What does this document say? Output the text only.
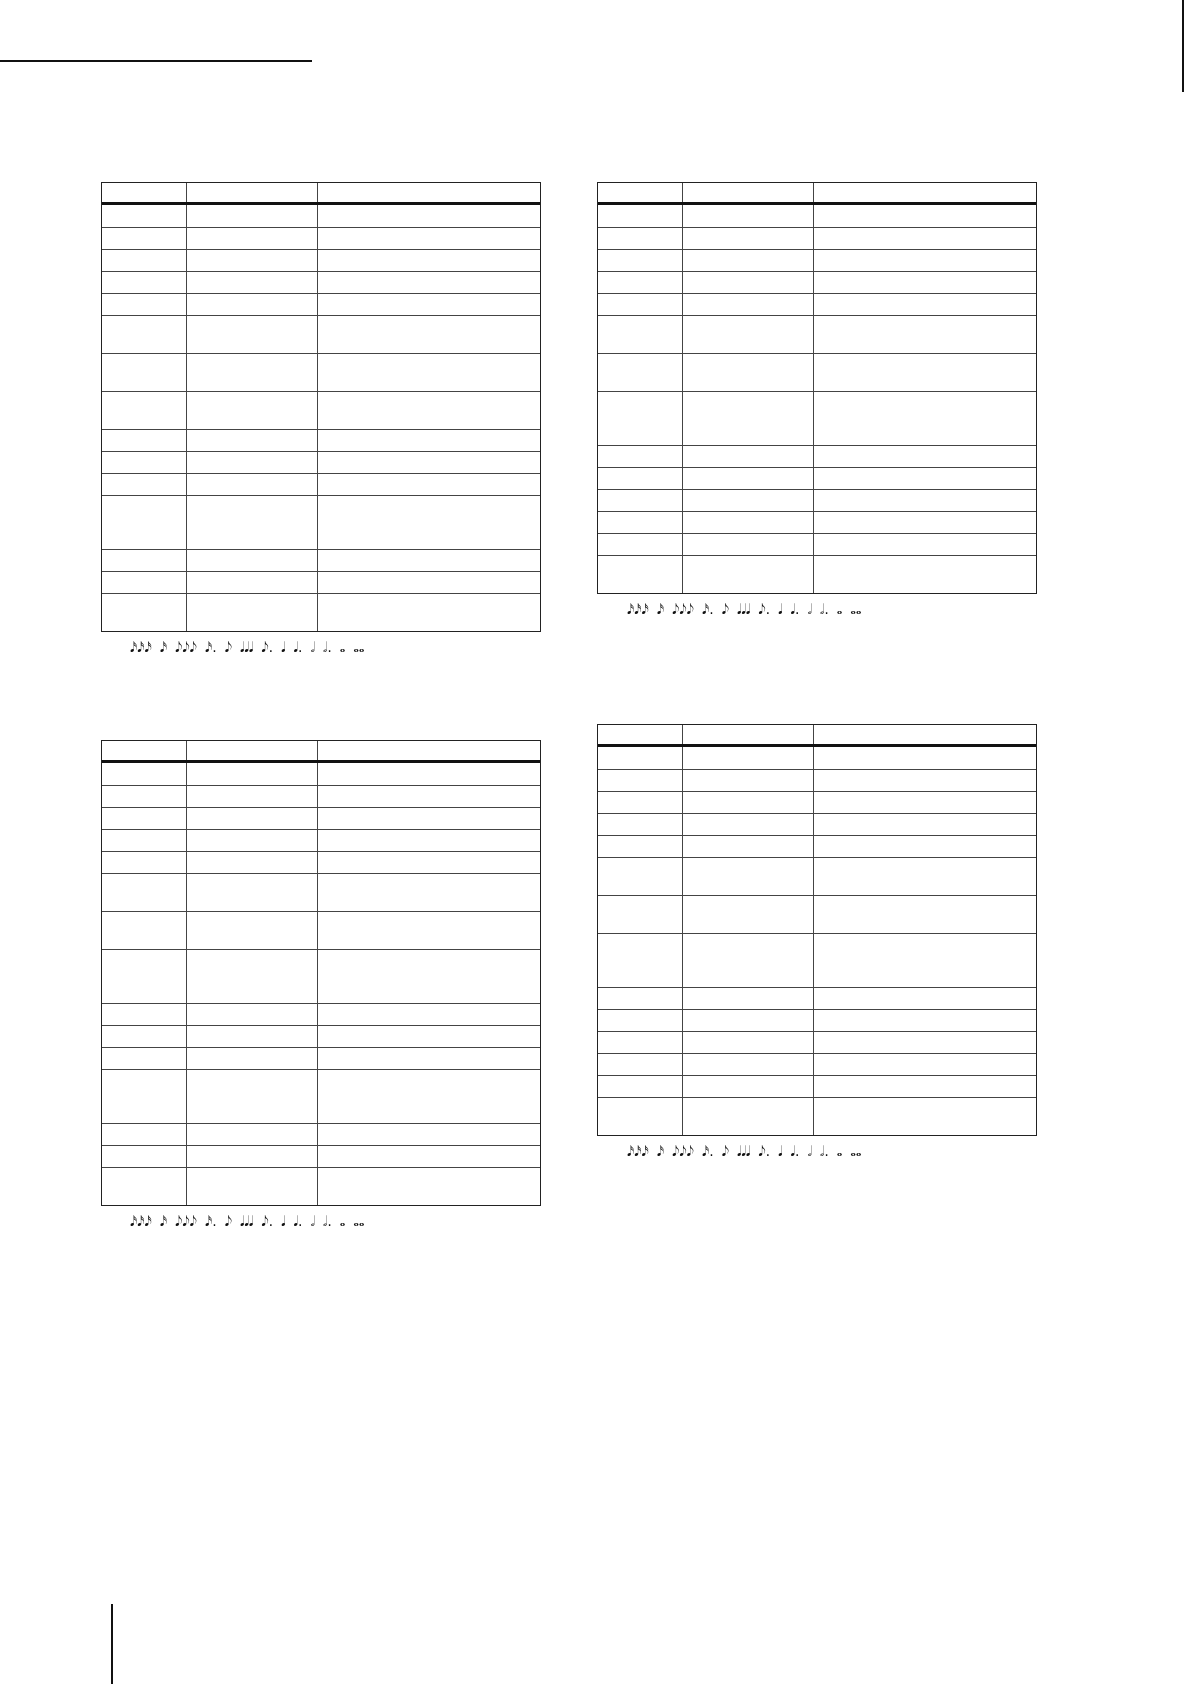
𝅘𝅥𝅯𝅘𝅥𝅯𝅘𝅥𝅯 𝅘𝅥𝅯 𝅘𝅥𝅮𝅘𝅥𝅮𝅘𝅥𝅮 𝅘𝅥𝅯. 𝅘𝅥𝅮 𝅘𝅥𝅘𝅥𝅘𝅥 𝅘𝅥𝅮. 𝅘𝅥 𝅘𝅥. 𝅗𝅥 𝅗𝅥. 𝅝 𝅝𝅝
𝅘𝅥𝅯𝅘𝅥𝅯𝅘𝅥𝅯 𝅘𝅥𝅯 𝅘𝅥𝅮𝅘𝅥𝅮𝅘𝅥𝅮 𝅘𝅥𝅯. 𝅘𝅥𝅮 𝅘𝅥𝅘𝅥𝅘𝅥 𝅘𝅥𝅮. 𝅘𝅥 𝅘𝅥. 𝅗𝅥 𝅗𝅥. 𝅝 𝅝𝅝
𝅘𝅥𝅯𝅘𝅥𝅯𝅘𝅥𝅯 𝅘𝅥𝅯 𝅘𝅥𝅮𝅘𝅥𝅮𝅘𝅥𝅮 𝅘𝅥𝅯. 𝅘𝅥𝅮 𝅘𝅥𝅘𝅥𝅘𝅥 𝅘𝅥𝅮. 𝅘𝅥 𝅘𝅥. 𝅗𝅥 𝅗𝅥. 𝅝 𝅝𝅝
𝅘𝅥𝅯𝅘𝅥𝅯𝅘𝅥𝅯 𝅘𝅥𝅯 𝅘𝅥𝅮𝅘𝅥𝅮𝅘𝅥𝅮 𝅘𝅥𝅯. 𝅘𝅥𝅮 𝅘𝅥𝅘𝅥𝅘𝅥 𝅘𝅥𝅮. 𝅘𝅥 𝅘𝅥. 𝅗𝅥 𝅗𝅥. 𝅝 𝅝𝅝
